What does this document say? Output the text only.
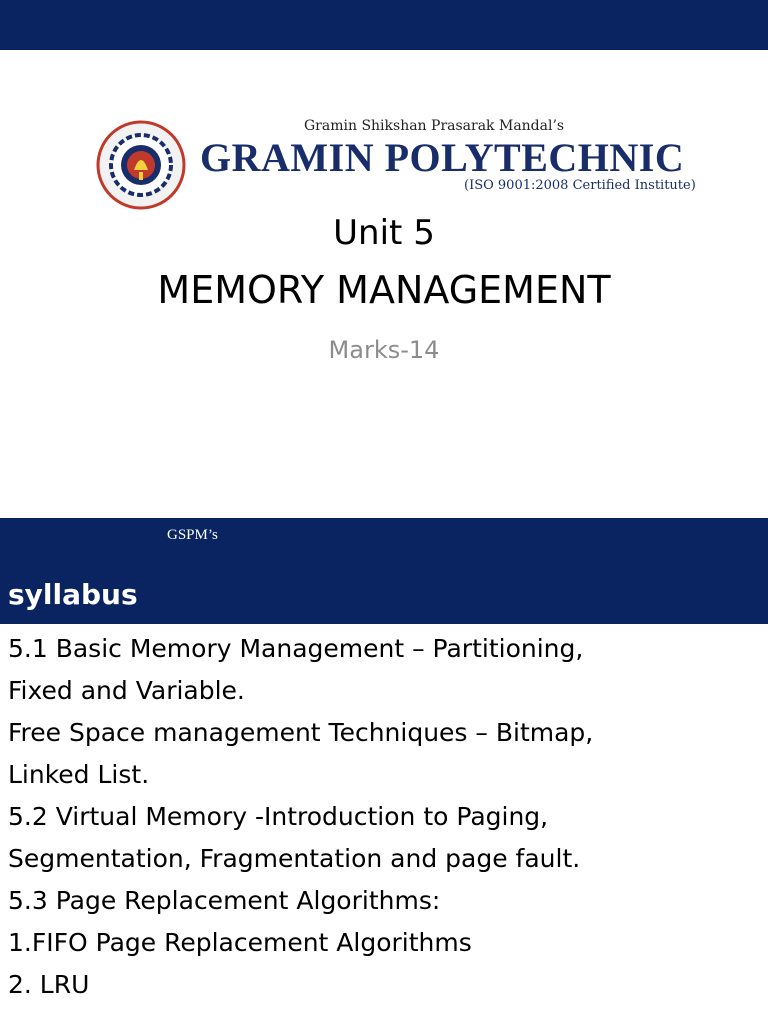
Gramin Shikshan Prasarak Mandal’s
GRAMIN POLYTECHNIC
(ISO 9001:2008 Certified Institute)
Unit 5
MEMORY MANAGEMENT
Marks-14
GSPM’s
syllabus
5.1 Basic Memory Management – Partitioning,
Fixed and Variable.
Free Space management Techniques – Bitmap,
Linked List.
5.2 Virtual Memory -Introduction to Paging,
Segmentation, Fragmentation and page fault.
5.3 Page Replacement Algorithms:
1.FIFO Page Replacement Algorithms
2. LRU
